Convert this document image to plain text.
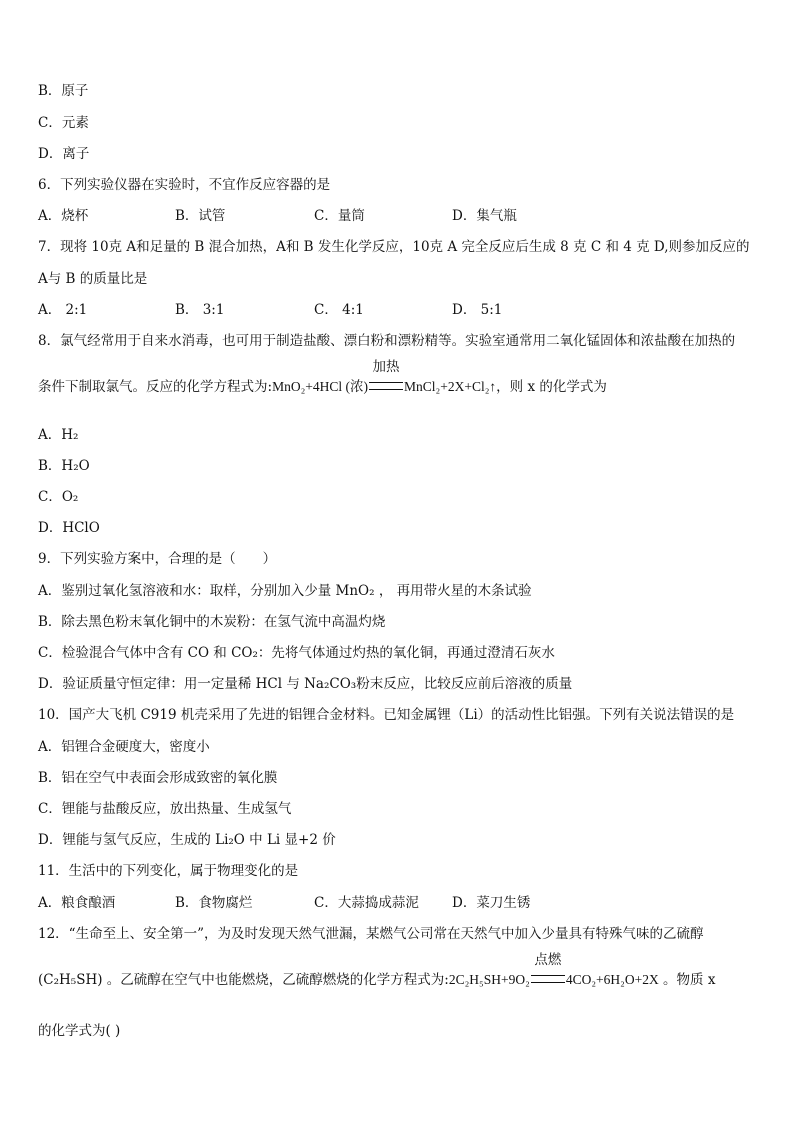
B．原子
C．元素
D．离子
6．下列实验仪器在实验时，不宜作反应容器的是
A．烧杯	B．试管	C．量筒	D．集气瓶
7．现将 10克 A和足量的 B 混合加热，A和 B 发生化学反应，10克 A 完全反应后生成 8 克 C 和 4 克 D,则参加反应的
A与 B 的质量比是
A． 2:1	B． 3:1	C． 4:1	D． 5:1
8．氯气经常用于自来水消毒，也可用于制造盐酸、漂白粉和漂粉精等。实验室通常用二氧化锰固体和浓盐酸在加热的
条件下制取氯气。反应的化学方程式为:MnO₂+4HCl (浓)
加热
MnCl₂+2X+Cl₂↑，则 x 的化学式为
A．H₂
B．H₂O
C．O₂
D．HClO
9．下列实验方案中，合理的是（　　）
A．鉴别过氧化氢溶液和水：取样，分别加入少量 MnO₂ ， 再用带火星的木条试验
B．除去黑色粉末氧化铜中的木炭粉：在氢气流中高温灼烧
C．检验混合气体中含有 CO 和 CO₂：先将气体通过灼热的氧化铜，再通过澄清石灰水
D．验证质量守恒定律：用一定量稀 HCl 与 Na₂CO₃粉末反应，比较反应前后溶液的质量
10．国产大飞机 C919 机壳采用了先进的铝锂合金材料。已知金属锂（Li）的活动性比铝强。下列有关说法错误的是
A．铝锂合金硬度大，密度小
B．铝在空气中表面会形成致密的氧化膜
C．锂能与盐酸反应，放出热量、生成氢气
D．锂能与氢气反应，生成的 Li₂O 中 Li 显+2 价
11．生活中的下列变化，属于物理变化的是
A．粮食酿酒	B．食物腐烂	C．大蒜捣成蒜泥 D．菜刀生锈
12．“生命至上、安全第一”，为及时发现天然气泄漏，某燃气公司常在天然气中加入少量具有特殊气味的乙硫醇
(C₂H₅SH) 。乙硫醇在空气中也能燃烧，乙硫醇燃烧的化学方程式为:2C₂H₅SH+9O₂
点燃
4CO₂+6H₂O+2X 。物质 x
的化学式为( )
